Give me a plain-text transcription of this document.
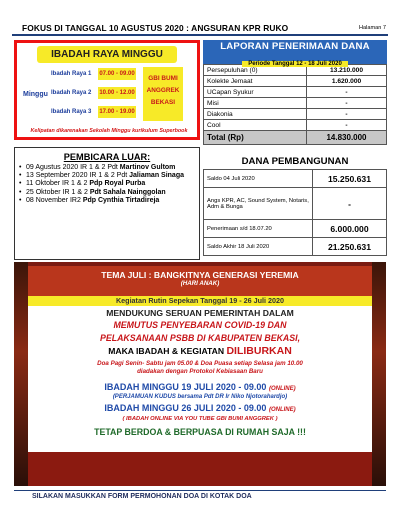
FOKUS DI TANGGAL 10 AGUSTUS 2020 : ANGSURAN KPR RUKO	Halaman 7
IBADAH RAYA MINGGU
Minggu
Ibadah Raya 1	07.00 - 09.00
Ibadah Raya 2	10.00 - 12.00
Ibadah Raya 3	17.00 - 19.00
GBI BUMI
ANGGREK
BEKASI
Kelipatan dikarenakan Sekolah Minggu kurikulum Superbook
LAPORAN PENERIMAAN DANA
Periode Tanggal 12 - 18 Juli 2020
Persepuluhan (0)	13.210.000
Kolekte Jemaat	1.620.000
UCapan Syukur	-
Misi	-
Diakonia	-
Cool	-
Total (Rp)	14.830.000
PEMBICARA LUAR:
• 09 Agustus 2020 IR 1 & 2 Pdt Martinov Gultom
• 13 September 2020 IR 1 & 2 Pdt Jaliaman Sinaga
• 11 Oktober IR 1 & 2 Pdp Royal Purba
• 25 Oktober IR 1 & 2 Pdt Sahala Nainggolan
• 08 November IR2 Pdp Cynthia Tirtadireja
DANA PEMBANGUNAN
Saldo 04 Juli 2020	15.250.631
Angs KPR, AC, Sound System, Notaris, Adm & Bunga	-
Penerimaan s/d 18.07.20	6.000.000
Saldo Akhir 18 Juli 2020	21.250.631
TEMA JULI : BANGKITNYA GENERASI YEREMIA
(HARI ANAK)
MENDUKUNG SERUAN PEMERINTAH DALAM
MEMUTUS PENYEBARAN COVID-19 DAN
PELAKSANAAN PSBB DI KABUPATEN BEKASI,
MAKA IBADAH & KEGIATAN DILIBURKAN
Doa Pagi Senin- Sabtu jam 05.00 & Doa Puasa setiap Selasa jam 10.00
diadakan dengan Protokol Kebiasaan Baru
IBADAH MINGGU 19 JULI 2020 - 09.00 (ONLINE)
(PERJAMUAN KUDUS bersama Pdt DR Ir Niko Njotorahardjo)
IBADAH MINGGU 26 JULI 2020 - 09.00 (ONLINE)
( IBADAH ONLINE VIA YOU TUBE GBI BUMI ANGGREK )
TETAP BERDOA & BERPUASA DI RUMAH SAJA !!!
Kegiatan Rutin Sepekan Tanggal 19 - 26 Juli 2020
SILAKAN MASUKKAN FORM PERMOHONAN DOA DI KOTAK DOA
